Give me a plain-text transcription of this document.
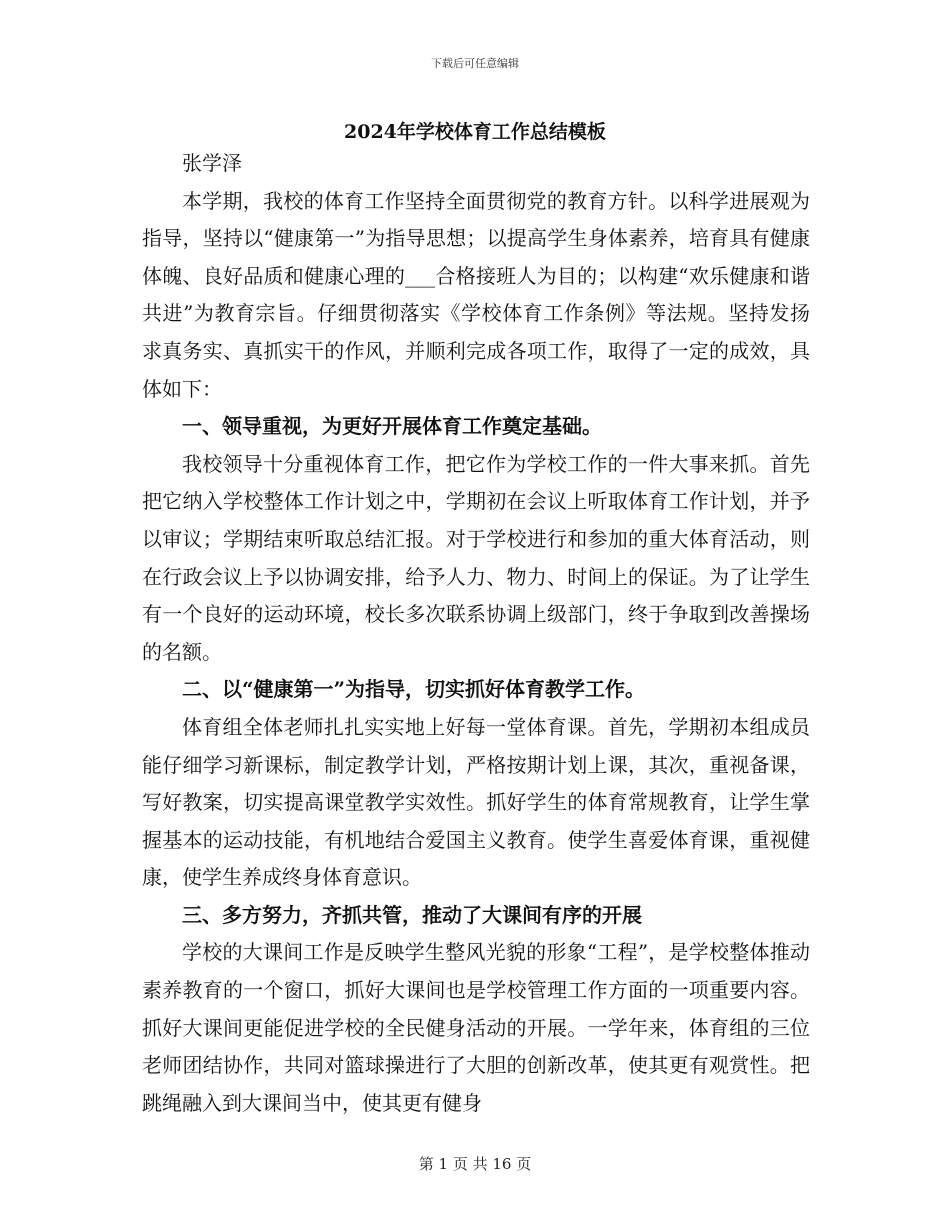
下载后可任意编辑
2024年学校体育工作总结模板

张学泽

本学期，我校的体育工作坚持全面贯彻党的教育方针。以科学进展观为指导，坚持以“健康第一”为指导思想；以提高学生身体素养，培育具有健康体魄、良好品质和健康心理的___合格接班人为目的；以构建“欢乐健康和谐共进”为教育宗旨。仔细贯彻落实《学校体育工作条例》等法规。坚持发扬求真务实、真抓实干的作风，并顺利完成各项工作，取得了一定的成效，具体如下：

一、领导重视，为更好开展体育工作奠定基础。

我校领导十分重视体育工作，把它作为学校工作的一件大事来抓。首先把它纳入学校整体工作计划之中，学期初在会议上听取体育工作计划，并予以审议；学期结束听取总结汇报。对于学校进行和参加的重大体育活动，则在行政会议上予以协调安排，给予人力、物力、时间上的保证。为了让学生有一个良好的运动环境，校长多次联系协调上级部门，终于争取到改善操场的名额。

二、以“健康第一”为指导，切实抓好体育教学工作。

体育组全体老师扎扎实实地上好每一堂体育课。首先，学期初本组成员能仔细学习新课标，制定教学计划，严格按期计划上课，其次，重视备课，写好教案，切实提高课堂教学实效性。抓好学生的体育常规教育，让学生掌握基本的运动技能，有机地结合爱国主义教育。使学生喜爱体育课，重视健康，使学生养成终身体育意识。

三、多方努力，齐抓共管，推动了大课间有序的开展

学校的大课间工作是反映学生整风光貌的形象“工程”，是学校整体推动素养教育的一个窗口，抓好大课间也是学校管理工作方面的一项重要内容。抓好大课间更能促进学校的全民健身活动的开展。一学年来，体育组的三位老师团结协作，共同对篮球操进行了大胆的创新改革，使其更有观赏性。把跳绳融入到大课间当中，使其更有健身

第 1 页 共 16 页
